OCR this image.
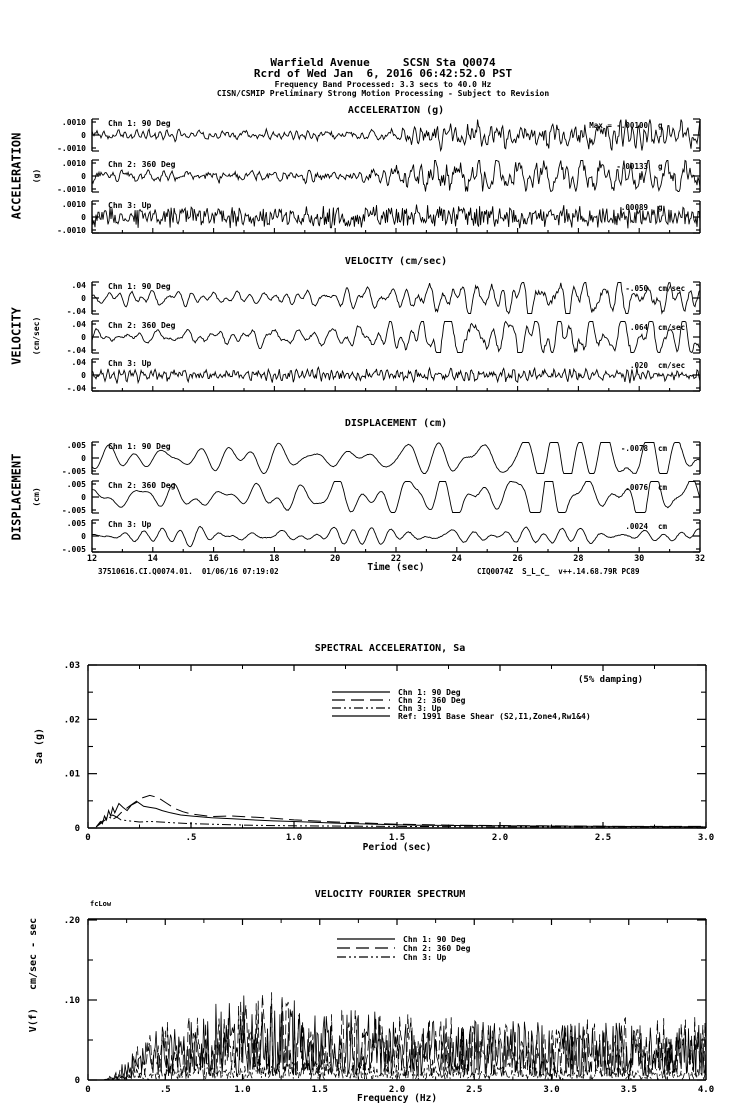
.0010
0
-.0010
Chn 1: 90 Deg	Max = -.00100 g
.0010
0
-.0010
Chn 2: 360 Deg	-.00133 g
.0010
0
-.0010
Chn 3: Up	.00089 g
.04
0
-.04
Chn 1: 90 Deg	-.050 cm/sec
.04
0
-.04
Chn 2: 360 Deg	.064 cm/sec
.04
0
-.04
Chn 3: Up	.020 cm/sec
.005
0
-.005
Chn 1: 90 Deg	-.0078 cm
.005
0
-.005
Chn 2: 360 Deg	.0076 cm
.005
0
-.005
Chn 3: Up	.0024 cm
12	14	16	18	20	22	24	26	28	30	32
.03
.02
.01
0
0	.5	1.0	1.5	2.0	2.5	3.0
Chn 1: 90 Deg
Chn 2: 360 Deg
Chn 3: Up
Ref: 1991 Base Shear (S2,I1,Zone4,Rw1&4)
.20
.10
0
0	.5	1.0	1.5	2.0	2.5	3.0	3.5	4.0
Chn 1: 90 Deg
Chn 2: 360 Deg
Chn 3: Up
Warfield Avenue     SCSN Sta Q0074
Rcrd of Wed Jan  6, 2016 06:42:52.0 PST
Frequency Band Processed: 3.3 secs to 40.0 Hz
CISN/CSMIP Preliminary Strong Motion Processing - Subject to Revision
ACCELERATION (g)
VELOCITY (cm/sec)
DISPLACEMENT (cm)
ACCELERATION (g)
VELOCITY (cm/sec)
DISPLACEMENT (cm)
Time (sec)
37510616.CI.Q0074.01.  01/06/16 07:19:02	CIQ0074Z  S_L_C_  v++.14.68.79R PC89
SPECTRAL ACCELERATION, Sa
(5% damping)
Sa (g)
Period (sec)
VELOCITY FOURIER SPECTRUM
fcLow
V(f)   cm/sec - sec
Frequency (Hz)
